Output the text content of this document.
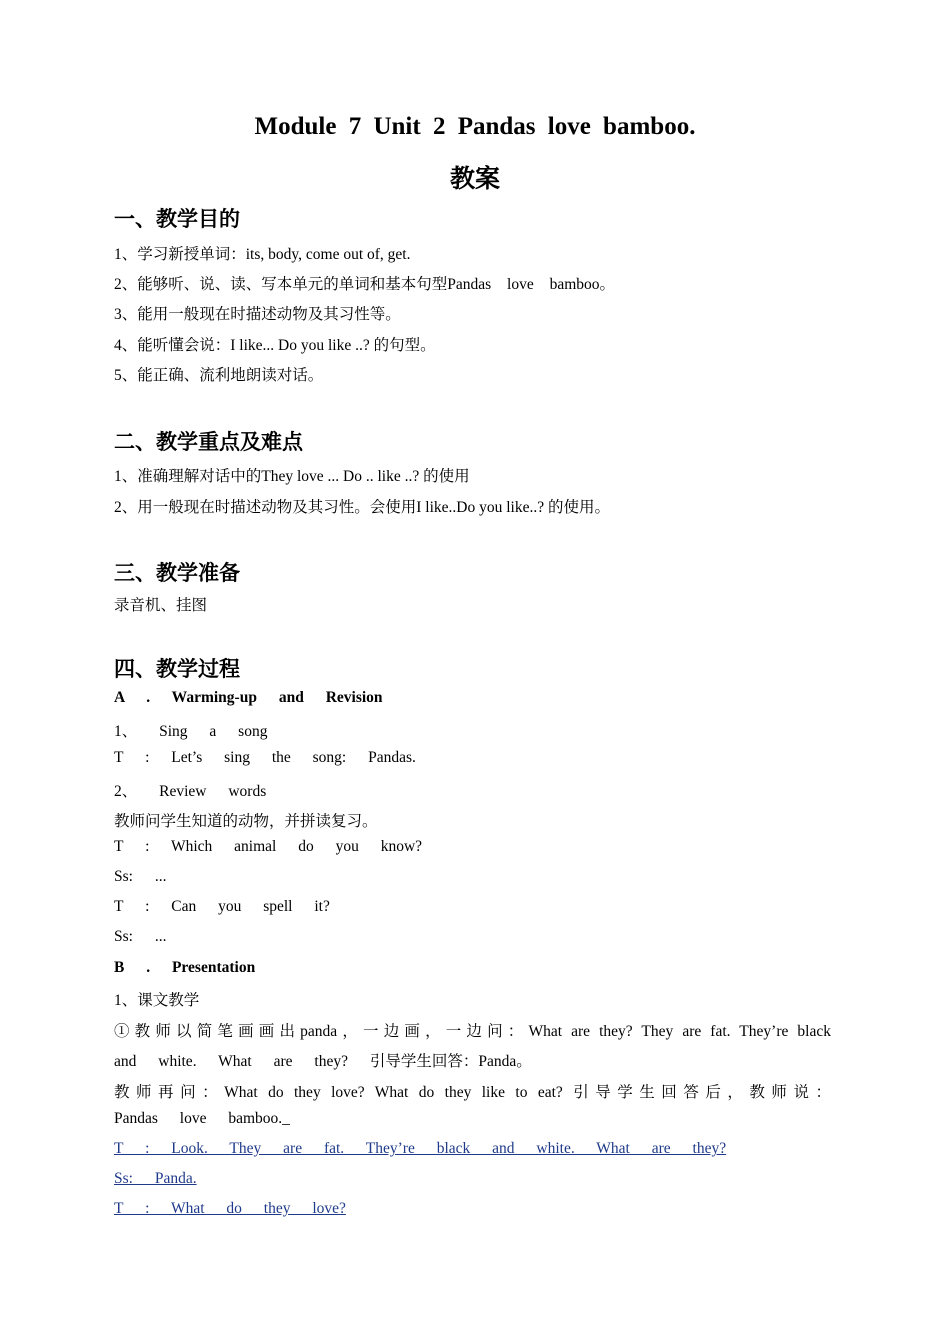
Module 7 Unit 2 Pandas love bamboo.
教案
一、教学目的
1、学习新授单词：its, body, come out of, get.
2、能够听、说、读、写本单元的单词和基本句型Pandas love bamboo。
3、能用一般现在时描述动物及其习性等。
4、能听懂会说：I like... Do you like ..? 的句型。
5、能正确、流利地朗读对话。
二、教学重点及难点
1、准确理解对话中的They love ... Do .. like ..? 的使用
2、用一般现在时描述动物及其习性。会使用I like..Do you like..? 的使用。
三、教学准备
录音机、挂图
四、教学过程
A . Warming-up and Revision
1、 Sing a song
T : Let’s sing the song: Pandas.
2、 Review words
教师问学生知道的动物，并拼读复习。
T : Which animal do you know?
Ss: ...
T : Can you spell it?
Ss: ...
B . Presentation
1、课文教学
①教师以简笔画画出panda，一边画，一边问：What are they? They are fat. They’re black
and white. What are they? 引导学生回答：Panda。
教师再问：What do they love? What do they like to eat? 引导学生回答后，教师说：
Pandas love bamboo._
T : Look. They are fat. They’re black and white. What are they?
Ss: Panda.
T : What do they love?
